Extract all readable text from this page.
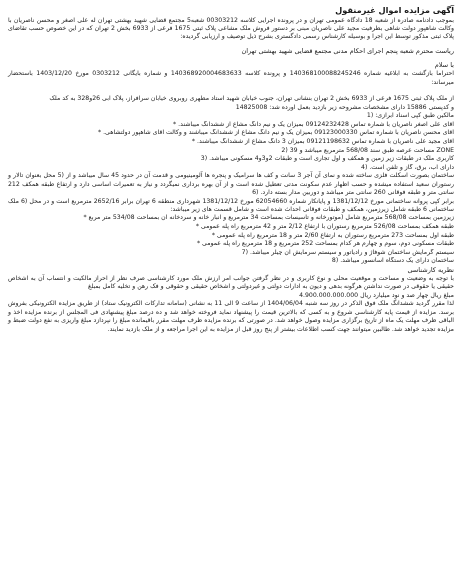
آگهی مزایده اموال غیرمنقول

بموجب دادنامه صادره از شعبه 18 دادگاه عمومی تهران و در پرونده اجرایی کلاسه 00303212 شعبه5 مجتمع قضایی شهید بهشتی تهران له علی اصغر و محسن ناصریان با وکالت شاهپور دولت شاهی بطرفیت مجید علی ناصریان مبنی بر دستور فروش ملک مشاعی پلاک ثبتی 1675 فرعی از 6933 بخش 2 تهران که در این خصوص حسب تقاضای پلاک ثبتی مذکور توسط این اجرا و بوسیله کارشناس رسمی دادگستری بشرح ذیل توصیف و ارزیابی گردیده:

ریاست محترم شعبه پنجم اجرای احکام مدنی مجتمع قضایی شهید بهشتی تهران

با سلام

احتراما بازگشت به ابلاغیه شماره 140368100088245246 و پرونده کلاسه 140368920004683633 و شماره بایگانی 0303212 مورخ 1403/12/20 باستحضار میرساند:

از ملک پلاک ثبتی 1675 فرعی از 6933 بخش 2 تهران بنشانی تهران، جنوب خیابان شهید استاد مطهری روبروی خیابان سرافراز، پلاک آبی 26و328 به کد ملک

و کدپستی 15886 دارای مشخصات مشروحه زیر بازدید بعمل آورده شد: 14825008

مالکین طبق کپی اسناد ابرازی: (1

آقای علی اصغر ناصریان با شماره تماس 09124232428 بمیزان یک و نیم دانگ مشاع از ششدانگ میباشند. *

آقای محسن ناصریان با شماره تماس 09123000330 بمیزان یک و نیم دانگ مشاع از ششدانگ میباشند و وکالت آقای شاهپور دولتشاهی. *

آقای مجید علی ناصریان با شماره تماس 09121198632 بمیزان 3 دانگ مشاع از ششدانگ میباشند. *

ZONE مساحت عرصه طبق سند 568/08 مترمربع میباشد و 39 (2

کاربری ملک در طبقات زیر زمین و همکف و اول تجاری است و طبقات 2و3و4 مسکونی میباشد. (3

دارای آب، برق، گاز و تلفن است. (4

ساختمان بصورت اسکلت فلزی ساخته شده و نمای آن آجر 3 سانت و کف ها سرامیک و پنجره ها آلومینیومی و قدمت آن در حدود 45 سال میباشد و از (5 محل بعنوان تالار و رستوران سعید استفاده میشده و حسب اظهار عدم سکونت مدتی تعطیل شده است و از آن بهره برداری نمیگردد و نیاز به تعمیرات اساسی دارد و ارتفاع طبقه همکف 212 سانتی متر و طبقه فوقانی 260 سانتی متر میباشد و دوربین مدار بسته دارد. (6

برابر کپی پروانه ساختمانی مورخ 1381/12/12 و پایانکار شماره 62054660 مورخ 1381/12/12 شهرداری منطقه 6 تهران برابر 2652/16 مترمربع است و در محل (6 ملک ساختمانی 6 طبقه شامل زیرزمین، همکف و طبقات فوقانی احداث شده است و شامل قسمت های زیر میباشد:

زیرزمین بمساحت 568/08 مترمربع شامل (موتورخانه و تاسیسات بمساحت 34 مترمربع و انبار خانه و سردخانه آن بمساحت 534/08 متر مربع *

طبقه همکف بمساحت 526/08 مترمربع رستوران با ارتفاع 2/12 متر و 42 مترمربع راه پله عمومی *

طبقه اول بمساحت 273 مترمربع رستوران به ارتفاع 2/60 متر و 18 مترمربع راه پله عمومی *

طبقات مسکونی دوم، سوم و چهارم هر کدام بمساحت 252 مترمربع و 18 مترمربع راه پله عمومی *

سیستم گرمایش ساختمان شوفاژ و رادیاتور و سیستم سرمایش آن چیلر میباشد. (7

ساختمان دارای یک دستگاه آسانسور میباشد. (8

نظریه کارشناسی

با توجه به وضعیت و مساحت و موقعیت محلی و نوع کاربری و در نظر گرفتن جوانب امر ارزش ملک مورد کارشناسی صرف نظر از احراز مالکیت و انتساب آن به اشخاص حقیقی یا حقوقی در صورت نداشتن هرگونه بدهی و دیون به ادارات دولتی و غیردولتی و اشخاص حقیقی و حقوقی و فک رهن و تخلیه کامل بمبلغ

مبلغ ریال چهار صد و نود میلیارد ریال 4.900.000.000.000

لذا مقرر گردید ششدانگ ملک فوق الذکر در روز سه شنبه 1404/06/04 از ساعت 9 الی 11 به نشانی (سامانه تدارکات الکترونیک ستاد) از طریق مزایده الکترونیکی بفروش برسد. مزایده از قیمت پایه کارشناسی شروع و به کسی که بالاترین قیمت را پیشنهاد نماید فروخته خواهد شد و ده درصد مبلغ پیشنهادی فی المجلس از برنده مزایده اخذ و الباقی ظرف مهلت یک ماه از تاریخ برگزاری مزایده وصول خواهد شد. در صورتی که برنده مزایده ظرف مهلت مقرر باقیمانده مبلغ را نپردازد مبلغ واریزی به نفع دولت ضبط و مزایده تجدید خواهد شد. طالبین میتوانند جهت کسب اطلاعات بیشتر از پنج روز قبل از مزایده به این اجرا مراجعه و از ملک بازدید نمایند.
